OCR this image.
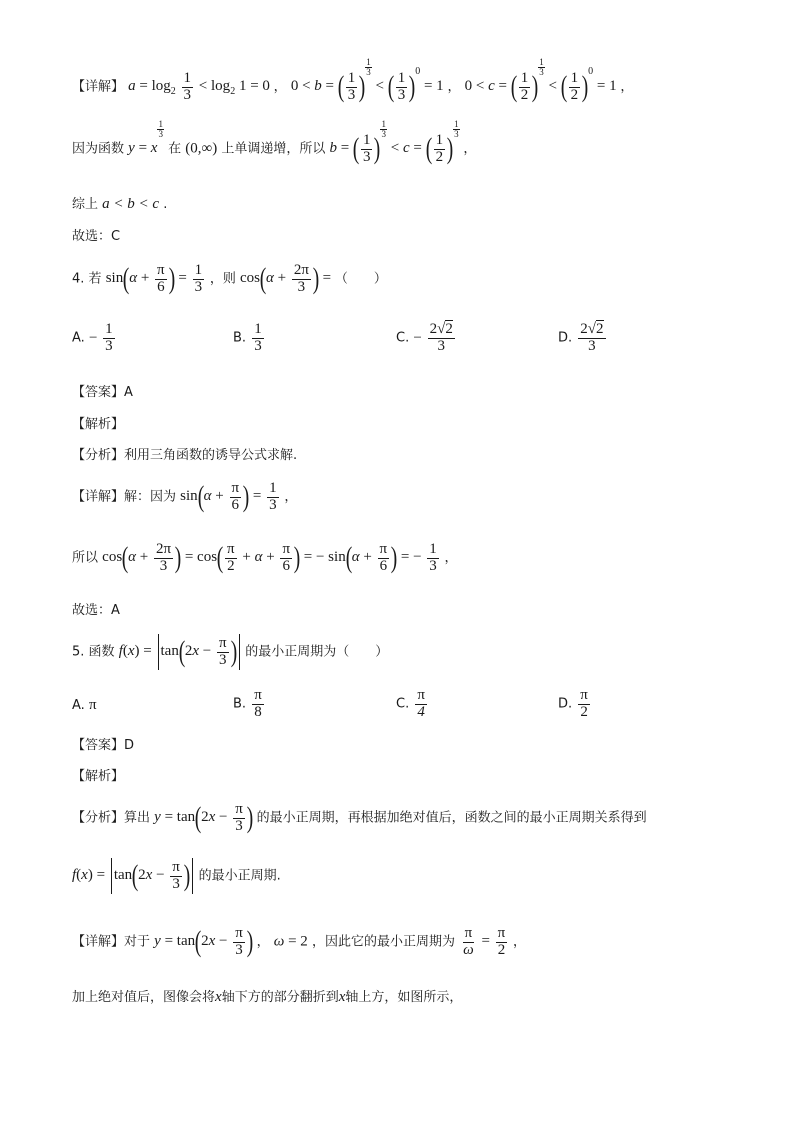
【详解】 $a = \log_2 \frac{1}{3} < \log_2 1 = 0$ ， 0 < b = ( $\frac{1}{3}$ )
$\frac{1}{3}$
< ( $\frac{1}{3} )^0 = 1$ ， 0 < c = ( $\frac{1}{2}$ )
$\frac{1}{3}$
< ( $\frac{1}{2} )^0 = 1$ ，
因为函数 y = x
$\frac{1}{3}$
在 (0,∞) 上单调递增，所以 b = ( $\frac{1}{3}$ )
$\frac{1}{3}$
< c = ( $\frac{1}{2}$ )
$\frac{1}{3}$
，
综上 a < b < c .
故选：C
4. 若 $\sin(\alpha + \frac{\pi}{6}$ ) = $\frac{1}{3}$ ，则 $\cos(\alpha + \frac{2\pi}{3}$ ) = （　　）
A. − $\frac{1}{3}$	B. $\frac{1}{3}$	C. − $\frac{2√2}{3}$	D. $\frac{2√2}{3}$
【答案】A
【解析】
【分析】利用三角函数的诱导公式求解.
【详解】解：因为 $\sin(\alpha + \frac{\pi}{6}$ ) = $\frac{1}{3}$ ，
所以 $\cos(\alpha + \frac{2\pi}{3}$ ) = $\cos( \frac{\pi}{2} + \alpha + \frac{\pi}{6}$ ) = − $\sin(\alpha + \frac{\pi}{6}$ ) = − $\frac{1}{3}$ ，
故选：A
5. 函数 $f(x) = \tan(2x - \frac{\pi}{3}$ ) 的最小正周期为（　　）
A. π	B. $\frac{\pi}{8}$	C. $\frac{\pi}{4}$	D. $\frac{\pi}{2}$
【答案】D
【解析】
【分析】算出 $y = \tan(2x - \frac{\pi}{3}$ ) 的最小正周期，再根据加绝对值后，函数之间的最小正周期关系得到
$f(x) = \tan(2x - \frac{\pi}{3}$ ) 的最小正周期.
【详解】对于 $y = \tan(2x - \frac{\pi}{3}$ ) ， ω = 2 ，因此它的最小正周期为 $\frac{\pi}{\omega} = \frac{\pi}{2}$ ，
加上绝对值后，图像会将x轴下方的部分翻折到x轴上方，如图所示，
